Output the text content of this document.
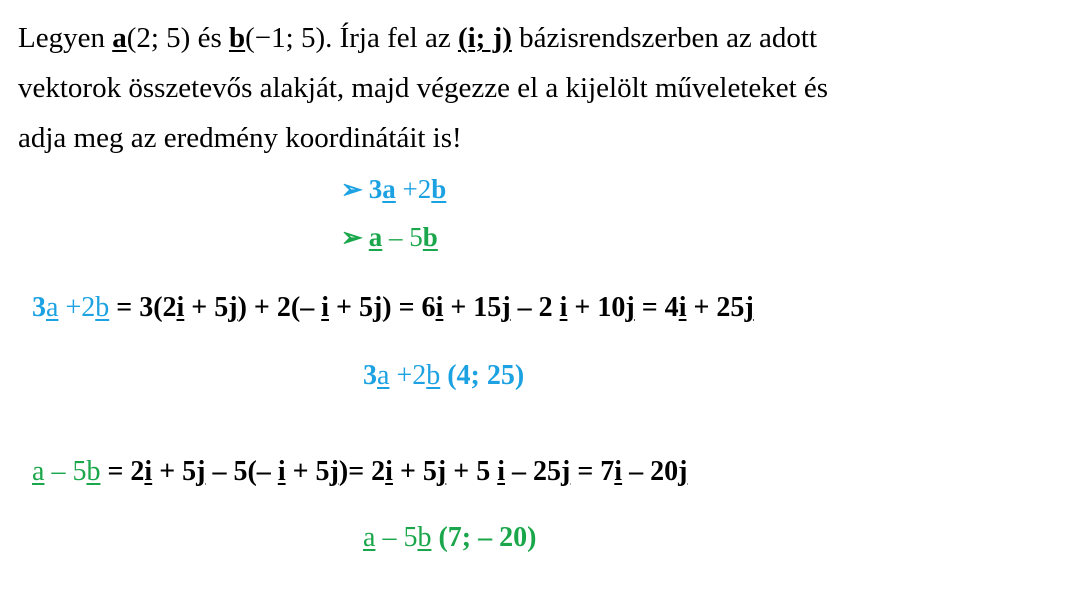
Legyen a(2; 5) és b(−1; 5). Írja fel az (i; j) bázisrendszerben az adott
vektorok összetevős alakját, majd végezze el a kijelölt műveleteket és
adja meg az eredmény koordinátáit is!
➢ 3a +2b
➢ a – 5b
3a +2b = 3(2i + 5j) + 2(– i + 5j) = 6i + 15j – 2 i + 10j = 4i + 25j
3a +2b (4; 25)
a – 5b = 2i + 5j – 5(– i + 5j)= 2i + 5j + 5 i – 25j = 7i – 20j
a – 5b (7; – 20)
